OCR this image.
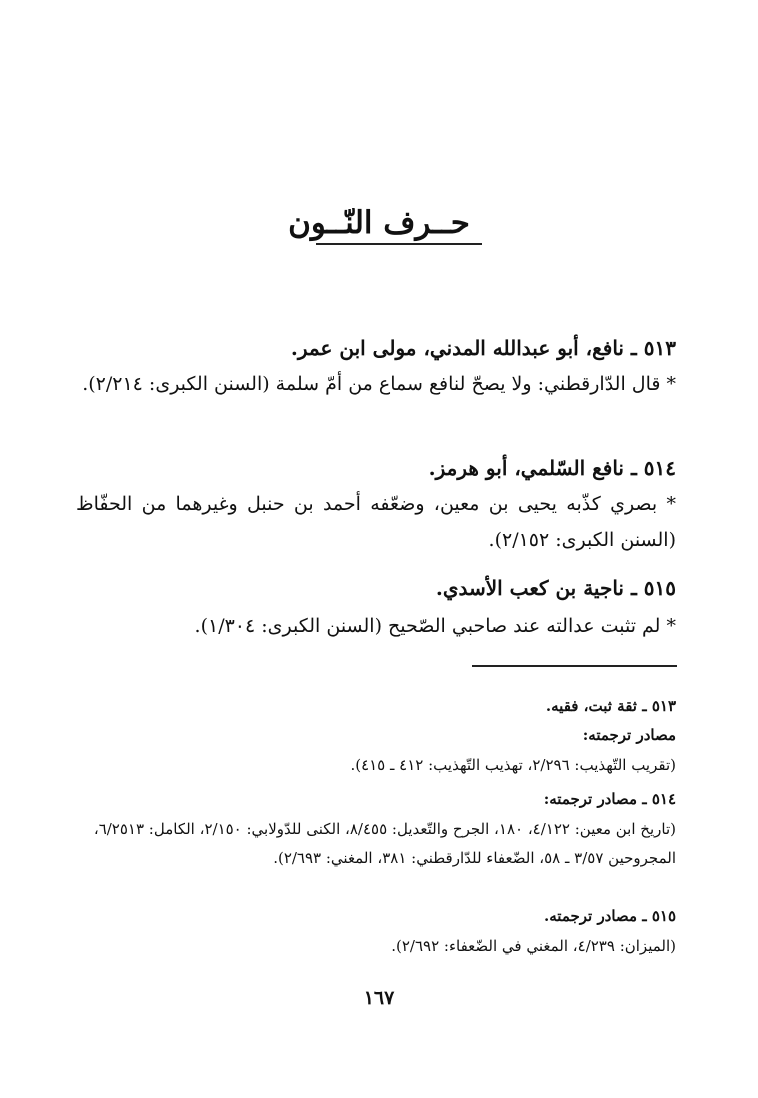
حــرف النّــون
٥١٣ ـ نافع، أبو عبدالله المدني، مولى ابن عمر.
* قال الدّارقطني: ولا يصحّ لنافع سماع من أمّ سلمة (السنن الكبرى: ٢/٢١٤).
٥١٤ ـ نافع السّلمي، أبو هرمز.
* بصري كذّبه يحيى بن معين، وضعّفه أحمد بن حنبل وغيرهما من الحفّاظ (السنن الكبرى: ٢/١٥٢).
٥١٥ ـ ناجية بن كعب الأسدي.
* لم تثبت عدالته عند صاحبي الصّحيح (السنن الكبرى: ١/٣٠٤).
٥١٣ ـ ثقة ثبت، فقيه.
مصادر ترجمته:
(تقريب التّهذيب: ٢/٢٩٦، تهذيب التّهذيب: ٤١٢ ـ ٤١٥).
٥١٤ ـ مصادر ترجمته:
(تاريخ ابن معين: ٤/١٢٢، ١٨٠، الجرح والتّعديل: ٨/٤٥٥، الكنى للدّولابي: ٢/١٥٠، الكامل: ٦/٢٥١٣، المجروحين ٣/٥٧ ـ ٥٨، الضّعفاء للدّارقطني: ٣٨١، المغني: ٢/٦٩٣).
٥١٥ ـ مصادر ترجمته.
(الميزان: ٤/٢٣٩، المغني في الضّعفاء: ٢/٦٩٢).
١٦٧
